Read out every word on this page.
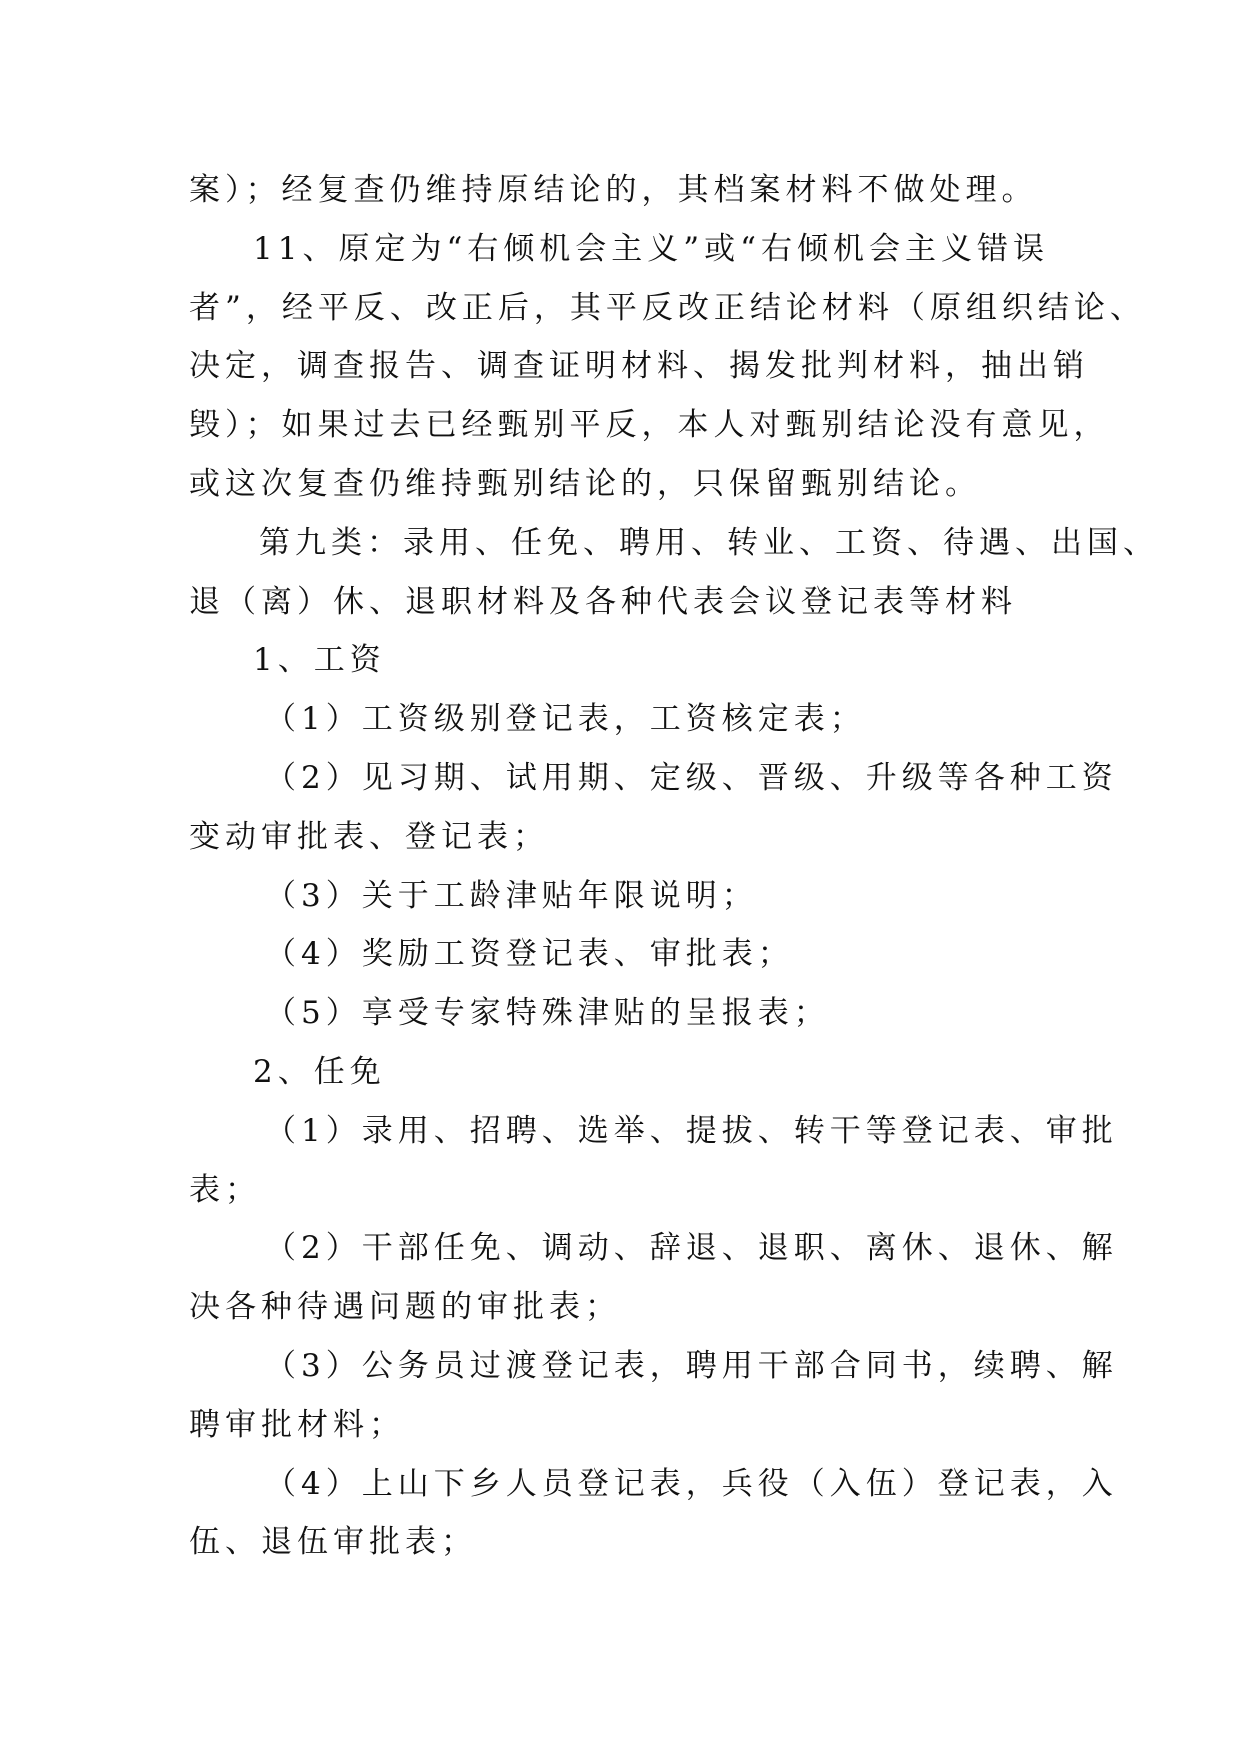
案）；经复查仍维持原结论的，其档案材料不做处理。

11、原定为“右倾机会主义”或“右倾机会主义错误

者”，经平反、改正后，其平反改正结论材料（原组织结论、

决定，调查报告、调查证明材料、揭发批判材料，抽出销

毁）；如果过去已经甄别平反，本人对甄别结论没有意见，

或这次复查仍维持甄别结论的，只保留甄别结论。

第九类：录用、任免、聘用、转业、工资、待遇、出国、

退（离）休、退职材料及各种代表会议登记表等材料

1、工资

（1）工资级别登记表，工资核定表；

（2）见习期、试用期、定级、晋级、升级等各种工资

变动审批表、登记表；

（3）关于工龄津贴年限说明；

（4）奖励工资登记表、审批表；

（5）享受专家特殊津贴的呈报表；

2、任免

（1）录用、招聘、选举、提拔、转干等登记表、审批

表；

（2）干部任免、调动、辞退、退职、离休、退休、解

决各种待遇问题的审批表；

（3）公务员过渡登记表，聘用干部合同书，续聘、解

聘审批材料；

（4）上山下乡人员登记表，兵役（入伍）登记表，入

伍、退伍审批表；
